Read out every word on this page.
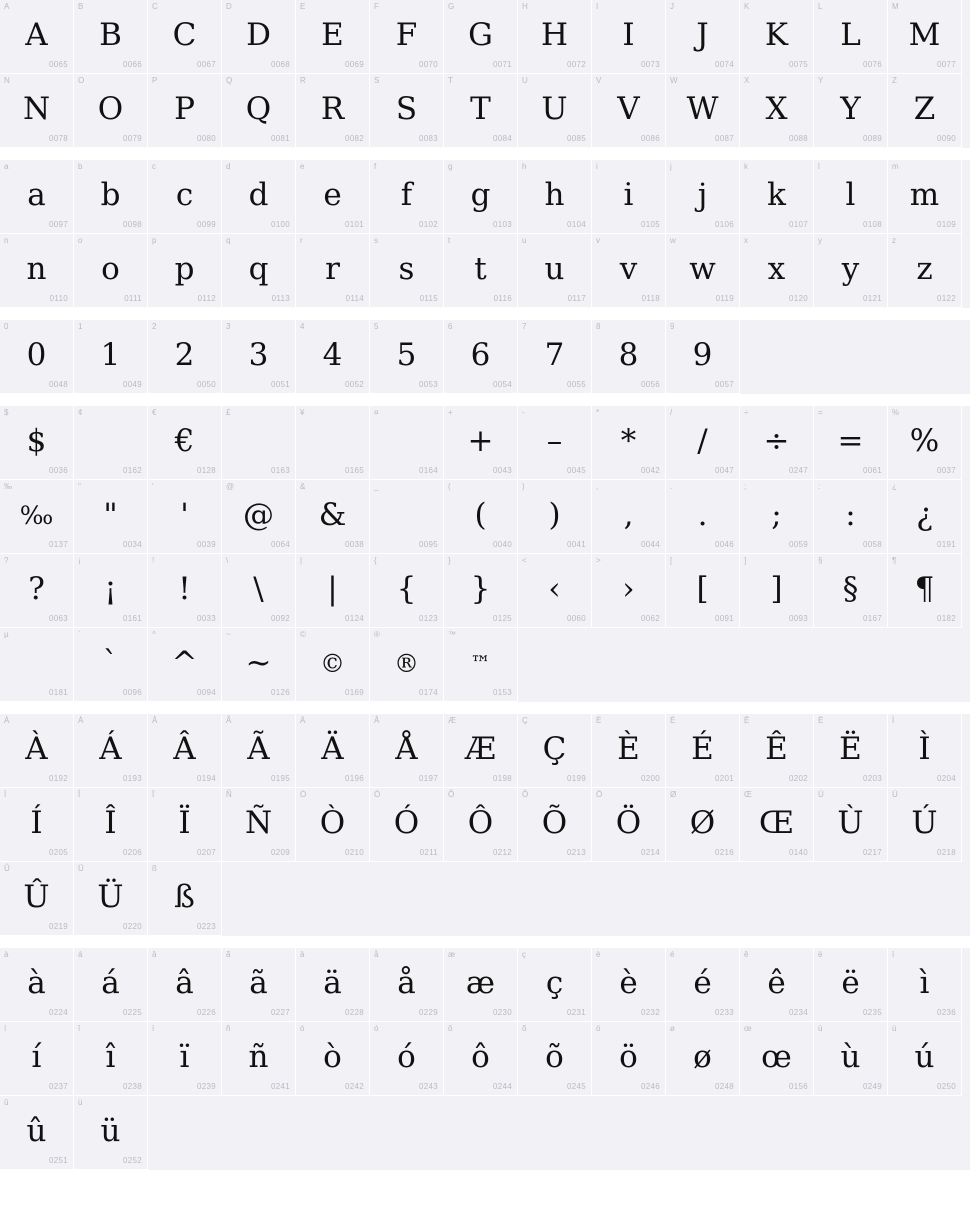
A
A
0065
B
B
0066
C
C
0067
D
D
0068
E
E
0069
F
F
0070
G
G
0071
H
H
0072
I
I
0073
J
J
0074
K
K
0075
L
L
0076
M
M
0077
N
N
0078
O
O
0079
P
P
0080
Q
Q
0081
R
R
0082
S
S
0083
T
T
0084
U
U
0085
V
V
0086
W
W
0087
X
X
0088
Y
Y
0089
Z
Z
0090
a
a
0097
b
b
0098
c
c
0099
d
d
0100
e
e
0101
f
f
0102
g
g
0103
h
h
0104
i
i
0105
j
j
0106
k
k
0107
l
l
0108
m
m
0109
n
n
0110
o
o
0111
p
p
0112
q
q
0113
r
r
0114
s
s
0115
t
t
0116
u
u
0117
v
v
0118
w
w
0119
x
x
0120
y
y
0121
z
z
0122
0
0
0048
1
1
0049
2
2
0050
3
3
0051
4
4
0052
5
5
0053
6
6
0054
7
7
0055
8
8
0056
9
9
0057
$
$
0036
¢
0162
€
€
0128
£
0163
¥
0165
¤
0164
+
+
0043
-
–
0045
*
*
0042
/
/
0047
÷
÷
0247
=
=
0061
%
%
0037
‰
‰
0137
"
"
0034
'
'
0039
@
@
0064
&
&
0038
_
0095
(
(
0040
)
)
0041
,
,
0044
.
.
0046
;
;
0059
:
:
0058
¿
¿
0191
?
?
0063
¡
¡
0161
!
!
0033
\
\
0092
|
|
0124
{
{
0123
}
}
0125
<
‹
0060
>
›
0062
[
[
0091
]
]
0093
§
§
0167
¶
¶
0182
µ
0181
`
`
0096
^
^
0094
~
~
0126
©
©
0169
®
®
0174
™
™
0153
À
À
0192
Á
Á
0193
Â
Â
0194
Ã
Ã
0195
Ä
Ä
0196
Å
Å
0197
Æ
Æ
0198
Ç
Ç
0199
È
È
0200
É
É
0201
Ê
Ê
0202
Ë
Ë
0203
Ì
Ì
0204
Í
Í
0205
Î
Î
0206
Ï
Ï
0207
Ñ
Ñ
0209
Ò
Ò
0210
Ó
Ó
0211
Ô
Ô
0212
Õ
Õ
0213
Ö
Ö
0214
Ø
Ø
0216
Œ
Œ
0140
Ù
Ù
0217
Ú
Ú
0218
Û
Û
0219
Ü
Ü
0220
ß
ß
0223
à
à
0224
á
á
0225
â
â
0226
ã
ã
0227
ä
ä
0228
å
å
0229
æ
æ
0230
ç
ç
0231
è
è
0232
é
é
0233
ê
ê
0234
ë
ë
0235
ì
ì
0236
í
í
0237
î
î
0238
ï
ï
0239
ñ
ñ
0241
ò
ò
0242
ó
ó
0243
ô
ô
0244
õ
õ
0245
ö
ö
0246
ø
ø
0248
œ
œ
0156
ù
ù
0249
ú
ú
0250
û
û
0251
ü
ü
0252
